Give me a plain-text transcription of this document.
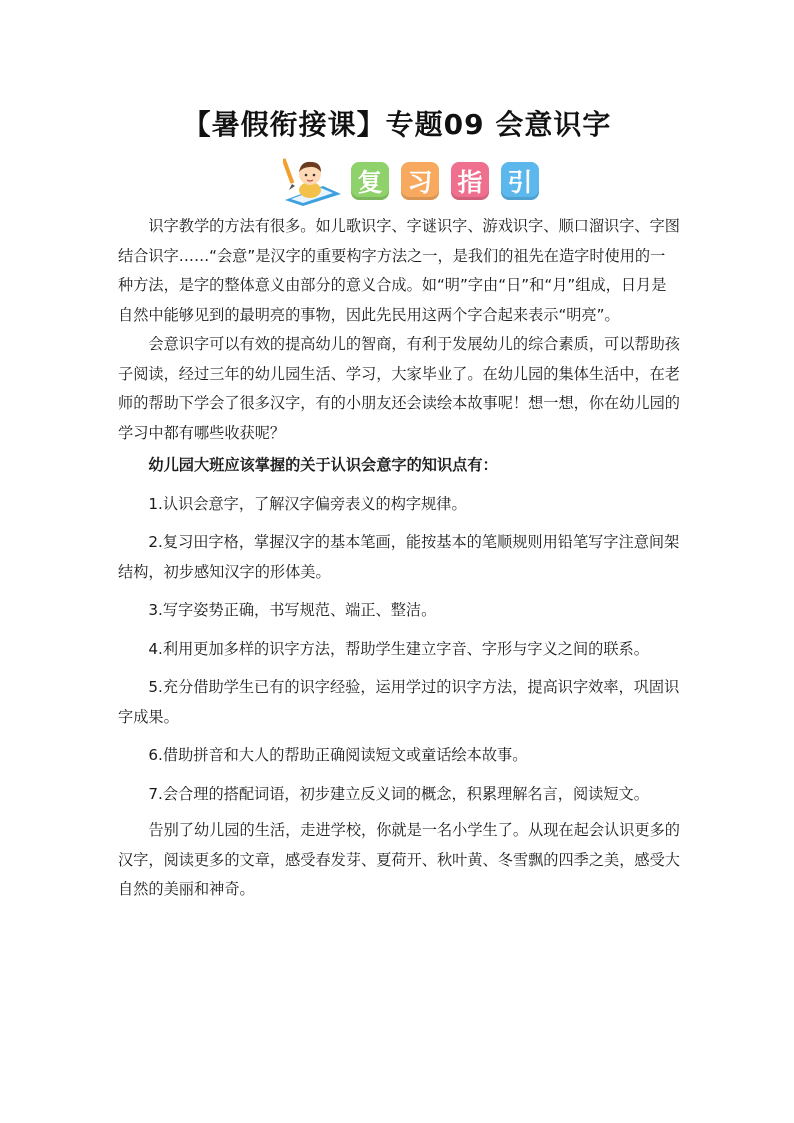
【暑假衔接课】专题09 会意识字
复 习 指 引

识字教学的方法有很多。如儿歌识字、字谜识字、游戏识字、顺口溜识字、字图结合识字……“会意”是汉字的重要构字方法之一，是我们的祖先在造字时使用的一种方法，是字的整体意义由部分的意义合成。如“明”字由“日”和“月”组成，日月是自然中能够见到的最明亮的事物，因此先民用这两个字合起来表示“明亮”。

会意识字可以有效的提高幼儿的智商，有利于发展幼儿的综合素质，可以帮助孩子阅读，经过三年的幼儿园生活、学习，大家毕业了。在幼儿园的集体生活中，在老师的帮助下学会了很多汉字，有的小朋友还会读绘本故事呢！想一想，你在幼儿园的学习中都有哪些收获呢？

幼儿园大班应该掌握的关于认识会意字的知识点有：

1.认识会意字，了解汉字偏旁表义的构字规律。

2.复习田字格，掌握汉字的基本笔画，能按基本的笔顺规则用铅笔写字注意间架结构，初步感知汉字的形体美。

3.写字姿势正确，书写规范、端正、整洁。

4.利用更加多样的识字方法，帮助学生建立字音、字形与字义之间的联系。

5.充分借助学生已有的识字经验，运用学过的识字方法，提高识字效率，巩固识字成果。

6.借助拼音和大人的帮助正确阅读短文或童话绘本故事。

7.会合理的搭配词语，初步建立反义词的概念，积累理解名言，阅读短文。

告别了幼儿园的生活，走进学校，你就是一名小学生了。从现在起会认识更多的汉字，阅读更多的文章，感受春发芽、夏荷开、秋叶黄、冬雪飘的四季之美，感受大自然的美丽和神奇。
